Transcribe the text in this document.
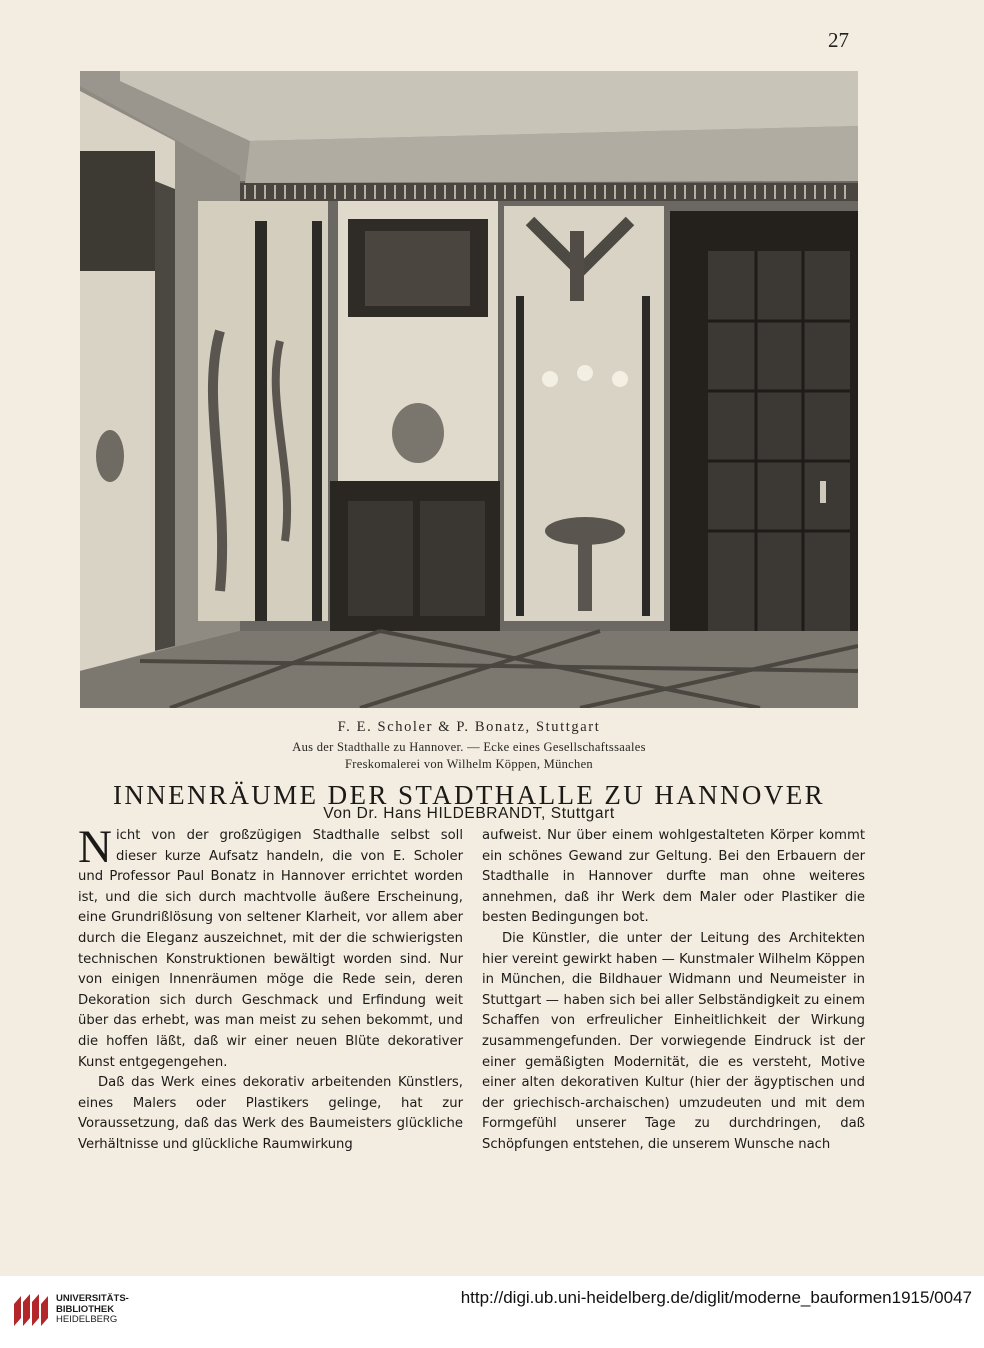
27
F. E. Scholer & P. Bonatz, Stuttgart
Aus der Stadthalle zu Hannover. — Ecke eines Gesellschaftssaales
Freskomalerei von Wilhelm Köppen, München
INNENRÄUME DER STADTHALLE ZU HANNOVER
Von Dr. Hans HILDEBRANDT, Stuttgart

Nicht von der großzügigen Stadthalle selbst soll dieser kurze Aufsatz handeln, die von E. Scholer und Professor Paul Bonatz in Hannover errichtet worden ist, und die sich durch machtvolle äußere Erscheinung, eine Grundrißlösung von seltener Klarheit, vor allem aber durch die Eleganz auszeichnet, mit der die schwierigsten technischen Konstruktionen bewältigt worden sind. Nur von einigen Innenräumen möge die Rede sein, deren Dekoration sich durch Geschmack und Erfindung weit über das erhebt, was man meist zu sehen bekommt, und die hoffen läßt, daß wir einer neuen Blüte dekorativer Kunst entgegengehen.

Daß das Werk eines dekorativ arbeitenden Künstlers, eines Malers oder Plastikers gelinge, hat zur Voraussetzung, daß das Werk des Baumeisters glückliche Verhältnisse und glückliche Raumwirkung

aufweist. Nur über einem wohlgestalteten Körper kommt ein schönes Gewand zur Geltung. Bei den Erbauern der Stadthalle in Hannover durfte man ohne weiteres annehmen, daß ihr Werk dem Maler oder Plastiker die besten Bedingungen bot.

Die Künstler, die unter der Leitung des Architekten hier vereint gewirkt haben — Kunstmaler Wilhelm Köppen in München, die Bildhauer Widmann und Neumeister in Stuttgart — haben sich bei aller Selbständigkeit zu einem Schaffen von erfreulicher Einheitlichkeit der Wirkung zusammengefunden. Der vorwiegende Eindruck ist der einer gemäßigten Modernität, die es versteht, Motive einer alten dekorativen Kultur (hier der ägyptischen und der griechisch-archaischen) umzudeuten und mit dem Formgefühl unserer Tage zu durchdringen, daß Schöpfungen entstehen, die unserem Wunsche nach

UNIVERSITÄTS-
BIBLIOTHEK
HEIDELBERG
http://digi.ub.uni-heidelberg.de/diglit/moderne_bauformen1915/0047
